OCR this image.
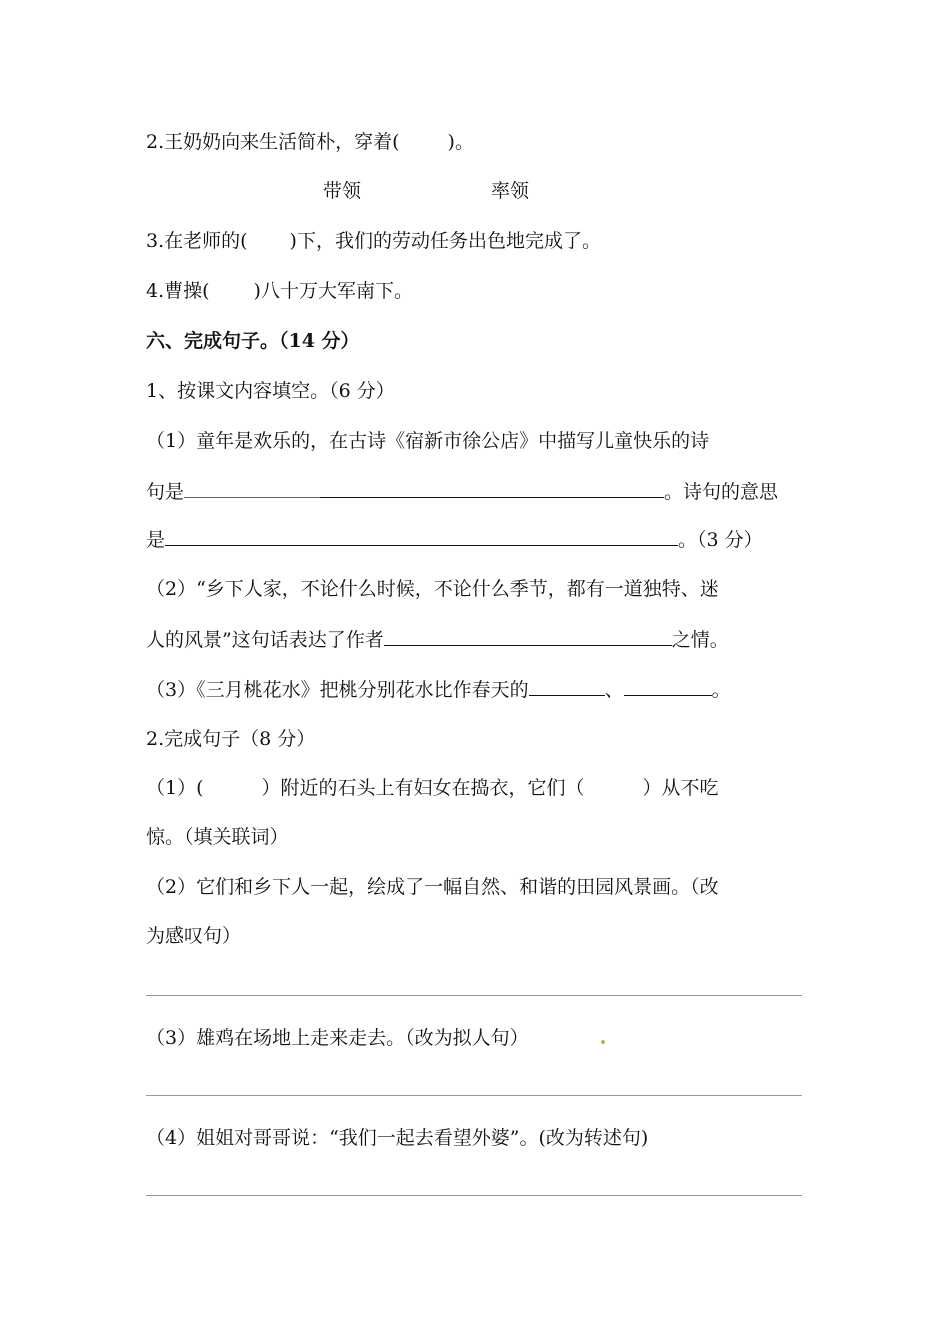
2.王奶奶向来生活简朴，穿着(	)。
带领	率领
3.在老师的( )下，我们的劳动任务出色地完成了。
4.曹操( )八十万大军南下。
六、完成句子。（14 分）
1、按课文内容填空。（6 分）
（1）童年是欢乐的，在古诗《宿新市徐公店》中描写儿童快乐的诗
句是	。诗句的意思
是	。（3 分）
（2）“乡下人家，不论什么时候，不论什么季节，都有一道独特、迷
人的风景”这句话表达了作者	之情。
（3）《三月桃花水》把桃分别花水比作春天的	、	。
2.完成句子（8 分）
（1）(	）附近的石头上有妇女在捣衣，它们（	）从不吃
惊。（填关联词）
（2）它们和乡下人一起，绘成了一幅自然、和谐的田园风景画。（改
为感叹句）
（3）雄鸡在场地上走来走去。（改为拟人句）
（4）姐姐对哥哥说：“我们一起去看望外婆”。(改为转述句)
